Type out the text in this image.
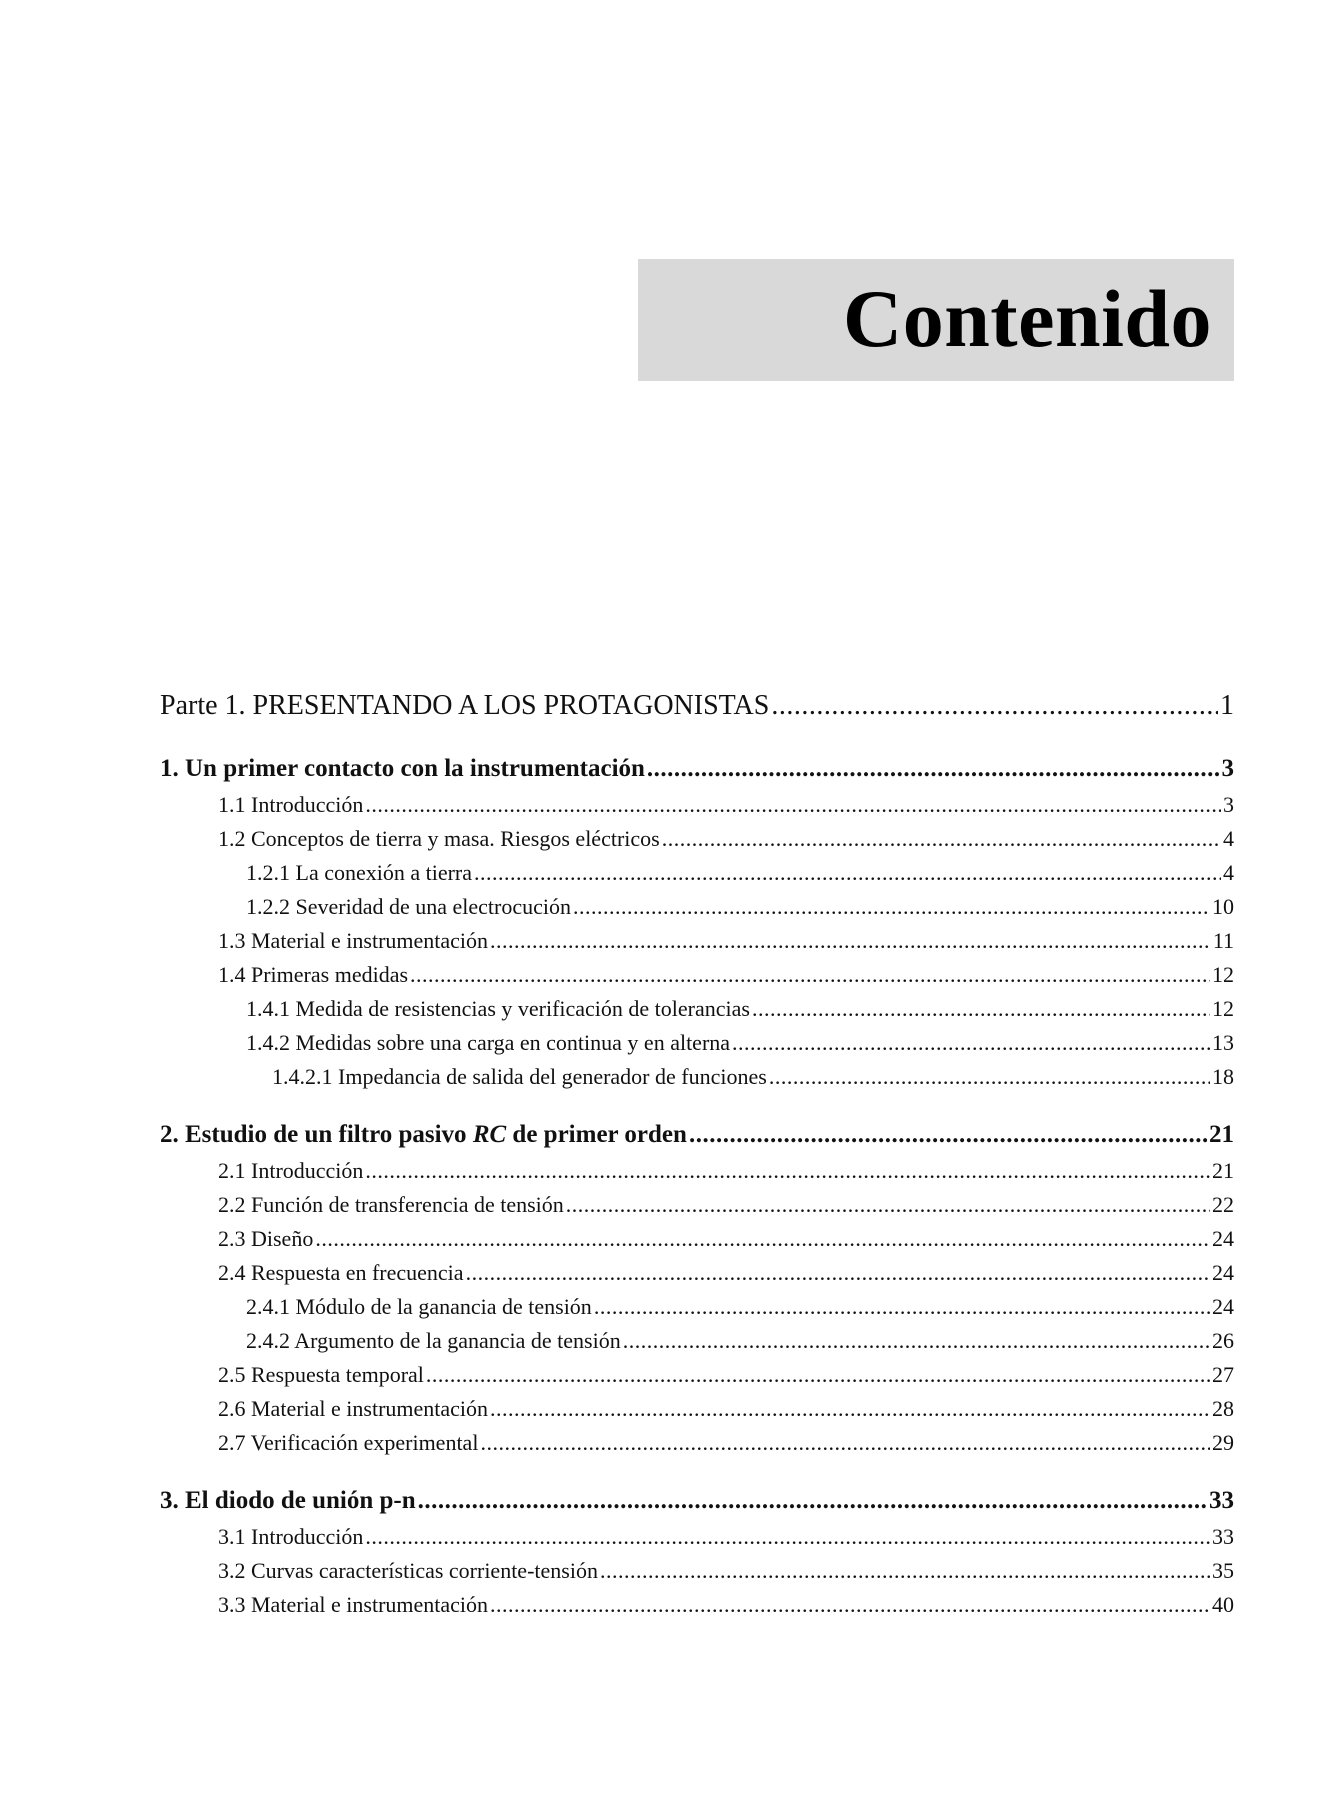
Contenido
Parte 1. PRESENTANDO A LOS PROTAGONISTAS .....	1
1. Un primer contacto con la instrumentación .....	3
1.1 Introducción .....	3
1.2 Conceptos de tierra y masa. Riesgos eléctricos .....	4
1.2.1 La conexión a tierra .....	4
1.2.2 Severidad de una electrocución .....	10
1.3 Material e instrumentación .....	11
1.4 Primeras medidas .....	12
1.4.1 Medida de resistencias y verificación de tolerancias .....	12
1.4.2 Medidas sobre una carga en continua y en alterna .....	13
1.4.2.1 Impedancia de salida del generador de funciones .....	18
2. Estudio de un filtro pasivo RC de primer orden .....	21
2.1 Introducción .....	21
2.2 Función de transferencia de tensión .....	22
2.3 Diseño .....	24
2.4 Respuesta en frecuencia .....	24
2.4.1 Módulo de la ganancia de tensión .....	24
2.4.2 Argumento de la ganancia de tensión .....	26
2.5 Respuesta temporal .....	27
2.6 Material e instrumentación .....	28
2.7 Verificación experimental .....	29
3. El diodo de unión p-n .....	33
3.1 Introducción .....	33
3.2 Curvas características corriente-tensión .....	35
3.3 Material e instrumentación .....	40
